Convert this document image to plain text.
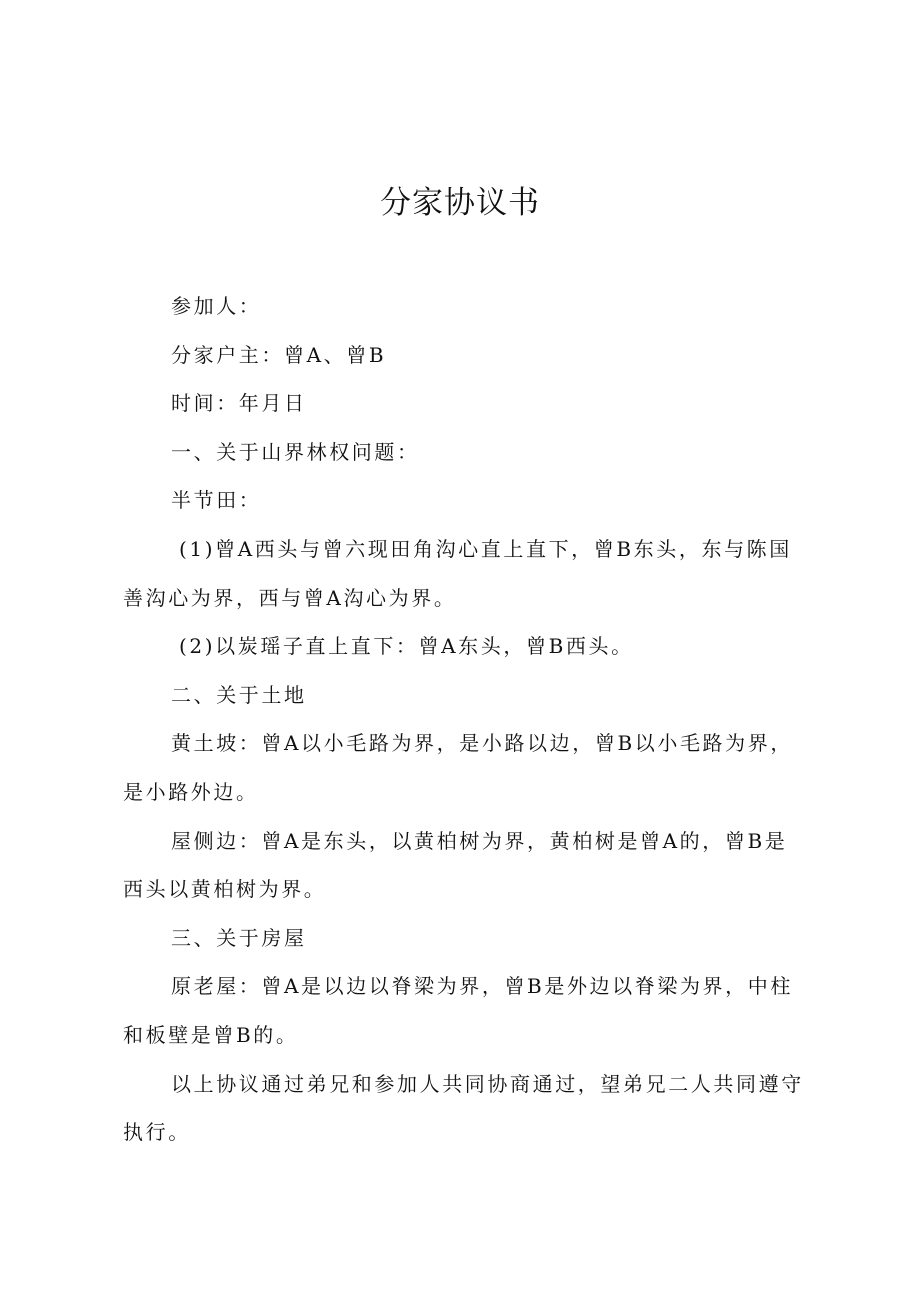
分家协议书

参加人：

分家户主：曾A、曾B

时间：年月日

一、关于山界林权问题：

半节田：

(1)曾A西头与曾六现田角沟心直上直下，曾B东头，东与陈国善沟心为界，西与曾A沟心为界。

(2)以炭瑶子直上直下：曾A东头，曾B西头。

二、关于土地

黄土坡：曾A以小毛路为界，是小路以边，曾B以小毛路为界，是小路外边。

屋侧边：曾A是东头，以黄柏树为界，黄柏树是曾A的，曾B是西头以黄柏树为界。

三、关于房屋

原老屋：曾A是以边以脊梁为界，曾B是外边以脊梁为界，中柱和板壁是曾B的。

以上协议通过弟兄和参加人共同协商通过，望弟兄二人共同遵守执行。
